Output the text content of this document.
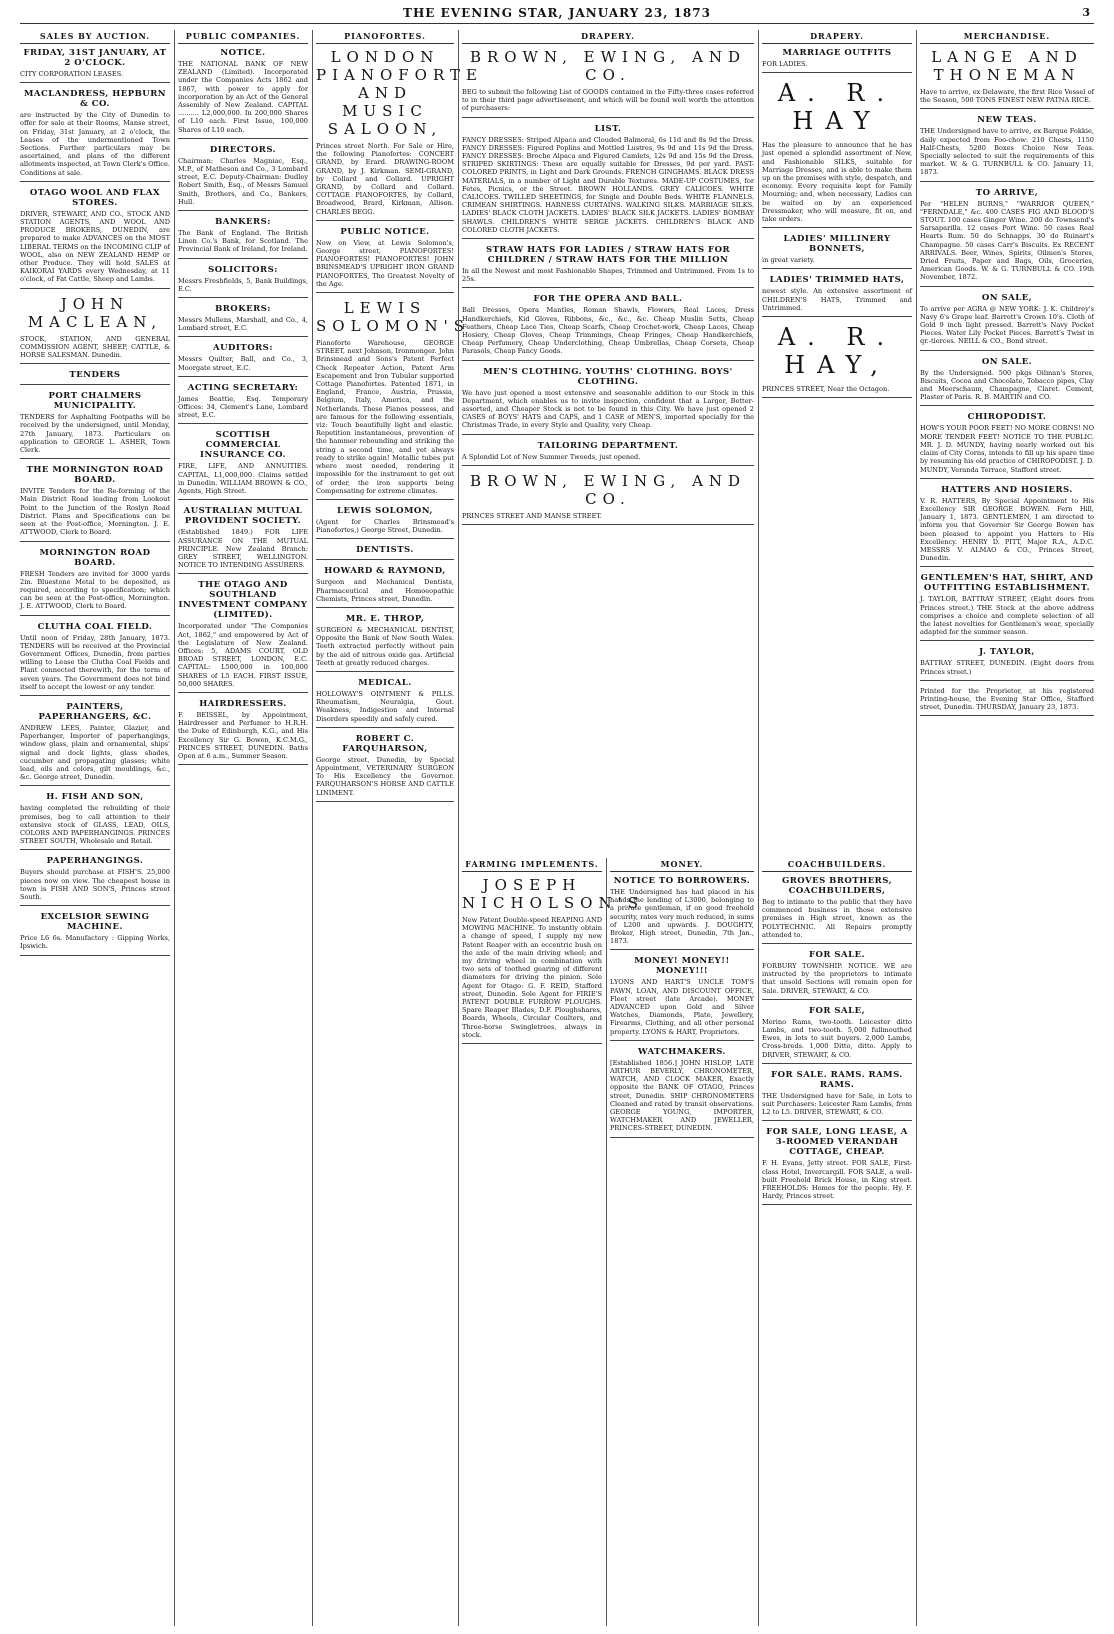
THE EVENING STAR, JANUARY 23, 1873	3
SALES BY AUCTION.
FRIDAY, 31ST JANUARY, AT 2 O'CLOCK.

CITY CORPORATION LEASES.

MACLANDRESS, HEPBURN & CO.

are instructed by the City of Dunedin to offer for sale at their Rooms, Manse street, on Friday, 31st January, at 2 o'clock, the Leases of the undermentioned Town Sections. Further particulars may be ascertained, and plans of the different allotments inspected, at Town Clerk's Office. Conditions at sale.

OTAGO WOOL AND FLAX STORES.

DRIVER, STEWART, AND CO., STOCK AND STATION AGENTS, AND WOOL AND PRODUCE BROKERS, DUNEDIN, are prepared to make ADVANCES on the MOST LIBERAL TERMS on the INCOMING CLIP of WOOL, also on NEW ZEALAND HEMP or other Produce. They will hold SALES at KAIKORAI YARDS every Wednesday, at 11 o'clock, of Fat Cattle, Sheep and Lambs.

JOHN MACLEAN,

STOCK, STATION, AND GENERAL COMMISSION AGENT, SHEEP, CATTLE, & HORSE SALESMAN. Dunedin.

TENDERS
PORT CHALMERS MUNICIPALITY.

TENDERS for Asphalting Footpaths will be received by the undersigned, until Monday, 27th January, 1873. Particulars on application to GEORGE L. ASHER, Town Clerk.

THE MORNINGTON ROAD BOARD.

INVITE Tenders for the Re-forming of the Main District Road leading from Lookout Point to the Junction of the Roslyn Road District. Plans and Specifications can be seen at the Post-office, Mornington. J. E. ATTWOOD, Clerk to Board.

MORNINGTON ROAD BOARD.

FRESH Tenders are invited for 3000 yards 2in. Bluestone Metal to be deposited, as required, according to specification; which can be seen at the Post-office, Mornington. J. E. ATTWOOD, Clerk to Board.

CLUTHA COAL FIELD.

Until noon of Friday, 28th January, 1873. TENDERS will be received at the Provincial Government Offices, Dunedin, from parties willing to Lease the Clutha Coal Fields and Plant connected therewith, for the term of seven years. The Government does not bind itself to accept the lowest or any tender.

PAINTERS, PAPERHANGERS, &C.

ANDREW LEES, Painter, Glazier, and Paperhanger, Importer of paperhangings, window glass, plain and ornamental, ships' signal and dock lights, glass shades, cucumber and propagating glasses; white lead, oils and colors, gilt mouldings, &c., &c. George street, Dunedin.

H. FISH AND SON,

having completed the rebuilding of their premises, beg to call attention to their extensive stock of GLASS, LEAD, OILS, COLORS AND PAPERHANGINGS. PRINCES STREET SOUTH, Wholesale and Retail.

PAPERHANGINGS.

Buyers should purchase at FISH'S. 25,000 pieces now on view. The cheapest house in town is FISH AND SON'S, Princes street South.

EXCELSIOR SEWING MACHINE.

Price L6 6s. Manufactory : Gipping Works, Ipswich.

PUBLIC COMPANIES.
NOTICE.

THE NATIONAL BANK OF NEW ZEALAND (Limited). Incorporated under the Companies Acts 1862 and 1867, with power to apply for incorporation by an Act of the General Assembly of New Zealand. CAPITAL .......... L2,000,000. In 200,000 Shares of L10 each. First Issue, 100,000 Shares of L10 each.

DIRECTORS.

Chairman: Charles Magniac, Esq., M.P., of Matheson and Co., 3 Lombard street, E.C. Deputy-Chairman: Dudley Robert Smith, Esq., of Messrs Samuel Smith, Brothers, and Co., Bankers, Hull.

BANKERS:

The Bank of England. The British Linen Co.'s Bank, for Scotland. The Provincial Bank of Ireland, for Ireland.

SOLICITORS:

Messrs Freshfields, 5, Bank Buildings, E.C.

BROKERS:

Messrs Mullens, Marshall, and Co., 4, Lombard street, E.C.

AUDITORS:

Messrs Quilter, Ball, and Co., 3, Moorgate street, E.C.

ACTING SECRETARY:

James Beattie, Esq. Temporary Offices: 34, Clement's Lane, Lombard street, E.C.

SCOTTISH COMMERCIAL INSURANCE CO.

FIRE, LIFE, AND ANNUITIES. CAPITAL, L1,000,000. Claims settled in Dunedin. WILLIAM BROWN & CO., Agents, High Street.

AUSTRALIAN MUTUAL PROVIDENT SOCIETY.

(Established 1849.) FOR LIFE ASSURANCE ON THE MUTUAL PRINCIPLE. New Zealand Branch: GREY STREET, WELLINGTON. NOTICE TO INTENDING ASSURERS.

THE OTAGO AND SOUTHLAND INVESTMENT COMPANY (LIMITED).

Incorporated under "The Companies Act, 1862," and empowered by Act of the Legislature of New Zealand. Offices: 5, ADAMS COURT, OLD BROAD STREET, LONDON, E.C. CAPITAL: L500,000 in 100,000 SHARES of L5 EACH. FIRST ISSUE, 50,000 SHARES.

HAIRDRESSERS.

F. BEISSEL, by Appointment, Hairdresser and Perfumer to H.R.H. the Duke of Edinburgh, K.G., and His Excellency Sir G. Bowen, K.C.M.G., PRINCES STREET, DUNEDIN. Baths Open at 6 a.m., Summer Season.

PIANOFORTES.
LONDON PIANOFORTE AND MUSIC SALOON,

Princes street North. For Sale or Hire, the following Pianofortes: CONCERT GRAND, by Erard. DRAWING-ROOM GRAND, by J. Kirkman. SEMI-GRAND, by Collard and Collard. UPRIGHT GRAND, by Collard and Collard. COTTAGE PIANOFORTES, by Collard, Broadwood, Brard, Kirkman, Allison. CHARLES BEGG.

PUBLIC NOTICE.

Now on View, at Lewis Solomon's, George street, PIANOFORTES! PIANOFORTES! PIANOFORTES! JOHN BRINSMEAD'S UPRIGHT IRON GRAND PIANOFORTES, The Greatest Novelty of the Age.

LEWIS SOLOMON'S

Pianoforte Warehouse, GEORGE STREET, next Johnson, Ironmonger. John Brinsmead and Sons's Patent Perfect Check Repeater Action, Patent Arm Escapement and Iron Tubular supported Cottage Pianofortes. Patented 1871, in England, France, Austria, Prussia, Belgium, Italy, America, and the Netherlands. These Pianos possess, and are famous for the following essentials, viz: Touch beautifully light and elastic. Repetition instantaneous, prevention of the hammer rebounding and striking the string a second time, and yet always ready to strike again! Metallic tubes put where most needed, rendering it impossible for the instrument to get out of order, the iron supports being Compensating for extreme climates.

LEWIS SOLOMON,

(Agent for Charles Brinsmead's Pianofortes,) George Street, Dunedin.

DENTISTS.
HOWARD & RAYMOND,

Surgeon and Mechanical Dentists, Pharmaceutical and Homoeopathic Chemists, Princes street, Dunedin.

MR. E. THROP,

SURGEON & MECHANICAL DENTIST, Opposite the Bank of New South Wales. Teeth extracted perfectly without pain by the aid of nitrous oxide gas. Artificial Teeth at greatly reduced charges.

MEDICAL.

HOLLOWAY'S OINTMENT & PILLS. Rheumatism, Neuralgia, Gout. Weakness, Indigestion and Internal Disorders speedily and safely cured.

ROBERT C. FARQUHARSON,

George street, Dunedin, by Special Appointment, VETERINARY SURGEON To His Excellency the Governor. FARQUHARSON'S HORSE AND CATTLE LINIMENT.

DRAPERY.
BROWN, EWING, AND CO.

BEG to submit the following List of GOODS contained in the Fifty-three cases referred to in their third page advertisement, and which will be found well worth the attention of purchasers:

LIST.

FANCY DRESSES: Striped Alpaca and Clouded Balmoral, 6s 11d and 8s 9d the Dress. FANCY DRESSES: Figured Poplins and Mottled Lustres, 9s 9d and 11s 9d the Dress. FANCY DRESSES: Broche Alpaca and Figured Camlets, 12s 9d and 15s 9d the Dress. STRIPED SKIRTINGS: These are equally suitable for Dresses, 9d per yard. PAST-COLORED PRINTS, in Light and Dark Grounds. FRENCH GINGHAMS. BLACK DRESS MATERIALS, in a number of Light and Durable Textures. MADE-UP COSTUMES, for Fetes, Picnics, or the Street. BROWN HOLLANDS. GREY CALICOES. WHITE CALICOES. TWILLED SHEETINGS, for Single and Double Beds. WHITE FLANNELS. CRIMEAN SHIRTINGS. HARNESS CURTAINS. WALKING SILKS. MARRIAGE SILKS. LADIES' BLACK CLOTH JACKETS. LADIES' BLACK SILK JACKETS. LADIES' BOMBAY SHAWLS. CHILDREN'S WHITE SERGE JACKETS. CHILDREN'S BLACK AND COLORED CLOTH JACKETS.

STRAW HATS FOR LADIES / STRAW HATS FOR CHILDREN / STRAW HATS FOR THE MILLION

In all the Newest and most Fashionable Shapes, Trimmed and Untrimmed. From 1s to 25s.

FOR THE OPERA AND BALL.

Ball Dresses, Opera Mantles, Roman Shawls, Flowers, Real Laces, Dress Handkerchiefs, Kid Gloves, Ribbons, &c., &c., &c. Cheap Muslin Setts, Cheap Feathers, Cheap Lace Ties, Cheap Scarfs, Cheap Crochet-work, Cheap Laces, Cheap Hosiery, Cheap Gloves, Cheap Trimmings, Cheap Fringes, Cheap Handkerchiefs, Cheap Perfumery, Cheap Underclothing, Cheap Umbrellas, Cheap Corsets, Cheap Parasols, Cheap Fancy Goods.

MEN'S CLOTHING. YOUTHS' CLOTHING. BOYS' CLOTHING.

We have just opened a most extensive and seasonable addition to our Stock in this Department, which enables us to invite inspection, confident that a Larger, Better-assorted, and Cheaper Stock is not to be found in this City. We have just opened 2 CASES of BOYS' HATS and CAPS, and 1 CASE of MEN'S, imported specially for the Christmas Trade, in every Style and Quality, very Cheap.

TAILORING DEPARTMENT.

A Splendid Lot of New Summer Tweeds, just opened.

BROWN, EWING, AND CO.

PRINCES STREET AND MANSE STREET.

FARMING IMPLEMENTS.
JOSEPH NICHOLSON'S

New Patent Double-speed REAPING AND MOWING MACHINE. To instantly obtain a change of speed, I supply my new Patent Reaper with an eccentric bush on the axle of the main driving wheel; and my driving wheel in combination with two sets of toothed gearing of different diameters for driving the pinion. Sole Agent for Otago: G. F. REID, Stafford street, Dunedin. Sole Agent for FIRIE'S PATENT DOUBLE FURROW PLOUGHS. Spare Reaper Blades, D.F. Ploughshares, Boards, Wheels, Circular Coulters, and Three-horse Swingletrees, always in stock.

MONEY.
NOTICE TO BORROWERS.

THE Undersigned has had placed in his hands the lending of L3000, belonging to a private gentleman, if on good freehold security, rates very much reduced, in sums of L200 and upwards. J. DOUGHTY, Broker, High street, Dunedin, 7th Jan., 1873.

MONEY! MONEY!! MONEY!!!

LYONS AND HART'S UNCLE TOM'S PAWN, LOAN, AND DISCOUNT OFFICE, Fleet street (late Arcade). MONEY ADVANCED upon Gold and Silver Watches, Diamonds, Plate, Jewellery, Firearms, Clothing, and all other personal property. LYONS & HART, Proprietors.

WATCHMAKERS.

[Established 1856.] JOHN HISLOP, LATE ARTHUR BEVERLY, CHRONOMETER, WATCH, AND CLOCK MAKER, Exactly opposite the BANK OF OTAGO, Princes street, Dunedin. SHIP CHRONOMETERS Cleaned and rated by transit observations. GEORGE YOUNG, IMPORTER, WATCHMAKER AND JEWELLER, PRINCES-STREET, DUNEDIN.

DRAPERY.
MARRIAGE OUTFITS

FOR LADIES.

A. R. HAY

Has the pleasure to announce that he has just opened a splendid assortment of New, and Fashionable SILKS, suitable for Marriage Dresses, and is able to make them up on the premises with style, despatch, and economy. Every requisite kept for Family Mourning; and, when necessary, Ladies can be waited on by an experienced Dressmaker, who will measure, fit on, and take orders.

LADIES' MILLINERY BONNETS,

in great variety.

LADIES' TRIMMED HATS,

newest style. An extensive assortment of CHILDREN'S HATS, Trimmed and Untrimmed.

A. R. HAY,

PRINCES STREET, Near the Octagon.

COACHBUILDERS.
GROVES BROTHERS, COACHBUILDERS,

Beg to intimate to the public that they have commenced business in those extensive premises in High street, known as the POLYTECHNIC. All Repairs promptly attended to.

FOR SALE.

FORBURY TOWNSHIP. NOTICE. WE are instructed by the proprietors to intimate that unsold Sections will remain open for Sale. DRIVER, STEWART, & CO.

FOR SALE,

Merino Rams, two-tooth. Leicester ditto Lambs, and two-tooth. 5,000 fullmouthed Ewes, in lots to suit buyers. 2,000 Lambs, Cross-breds. 1,000 Ditto, ditto. Apply to DRIVER, STEWART, & CO.

FOR SALE. RAMS. RAMS. RAMS.

THE Undersigned have for Sale, in Lots to suit Purchasers: Leicester Ram Lambs, from L2 to L5. DRIVER, STEWART, & CO.

FOR SALE, LONG LEASE, A 3-ROOMED VERANDAH COTTAGE, CHEAP.

F. H. Evans, Jetty street. FOR SALE, First-class Hotel, Invercargill. FOR SALE, a well-built Freehold Brick House, in King street. FREEHOLDS: Homes for the people. Hy. F. Hardy, Princes street.

MERCHANDISE.
LANGE AND THONEMAN

Have to arrive, ex Delaware, the first Rice Vessel of the Season, 500 TONS FINEST NEW PATNA RICE.

NEW TEAS.

THE Undersigned have to arrive, ex Barque Fokkie, daily expected from Foo-chow: 210 Chests, 1150 Half-Chests, 5280 Boxes Choice New Teas. Specially selected to suit the requirements of this market. W. & G. TURNBULL & CO. January 11, 1873.

TO ARRIVE,

Per "HELEN BURNS," "WARRIOR QUEEN," "FERNDALE," &c. 400 CASES FIG AND BLOOD'S STOUT. 100 cases Ginger Wine. 200 do Townsend's Sarsaparilla. 12 cases Port Wine. 50 cases Real Hearts Rum. 50 do Schnapps. 30 do Ruinart's Champagne. 50 cases Carr's Biscuits. Ex RECENT ARRIVALS. Beer, Wines, Spirits, Oilmen's Stores, Dried Fruits, Paper and Bags, Oils, Groceries, American Goods. W. & G. TURNBULL & CO. 19th November, 1872.

ON SALE,

To arrive per AGRA @ NEW YORK: J. K. Childrey's Navy 6's Grape leaf. Barrett's Crown 10's. Cloth of Gold 9 inch light pressed. Barrett's Navy Pocket Pieces. Water Lily Pocket Pieces. Barrett's Twist in qr.-tierces. NEILL & CO., Bond street.

ON SALE.

By the Undersigned. 500 pkgs Oilman's Stores, Biscuits, Cocoa and Chocolate, Tobacco pipes, Clay and Meerschaum, Champagne, Claret. Cement, Plaster of Paris. R. B. MARTIN and CO.

CHIROPODIST.

HOW'S YOUR POOR FEET! NO MORE CORNS! NO MORE TENDER FEET! NOTICE TO THE PUBLIC. MR. J. D. MUNDY, having nearly worked out his claim of City Corns, intends to fill up his spare time by resuming his old practice of CHIROPODIST. J. D. MUNDY, Veranda Terrace, Stafford street.

HATTERS AND HOSIERS.

V. R. HATTERS, By Special Appointment to His Excellency SIR GEORGE BOWEN. Fern Hill, January 1, 1873. GENTLEMEN, I am directed to inform you that Governor Sir George Bowen has been pleased to appoint you Hatters to His Excellency. HENRY D. PITT, Major R.A., A.D.C. MESSRS V. ALMAO & CO., Princes Street, Dunedin.

GENTLEMEN'S HAT, SHIRT, AND OUTFITTING ESTABLISHMENT.

J. TAYLOR, BATTRAY STREET, (Eight doors from Princes street.) THE Stock at the above address comprises a choice and complete selection of all the latest novelties for Gentlemen's wear, specially adapted for the summer season.

J. TAYLOR,

BATTRAY STREET, DUNEDIN. (Eight doors from Princes street.)

Printed for the Proprietor, at his registered Printing-house, the Evening Star Office, Stafford street, Dunedin. THURSDAY, January 23, 1873.
